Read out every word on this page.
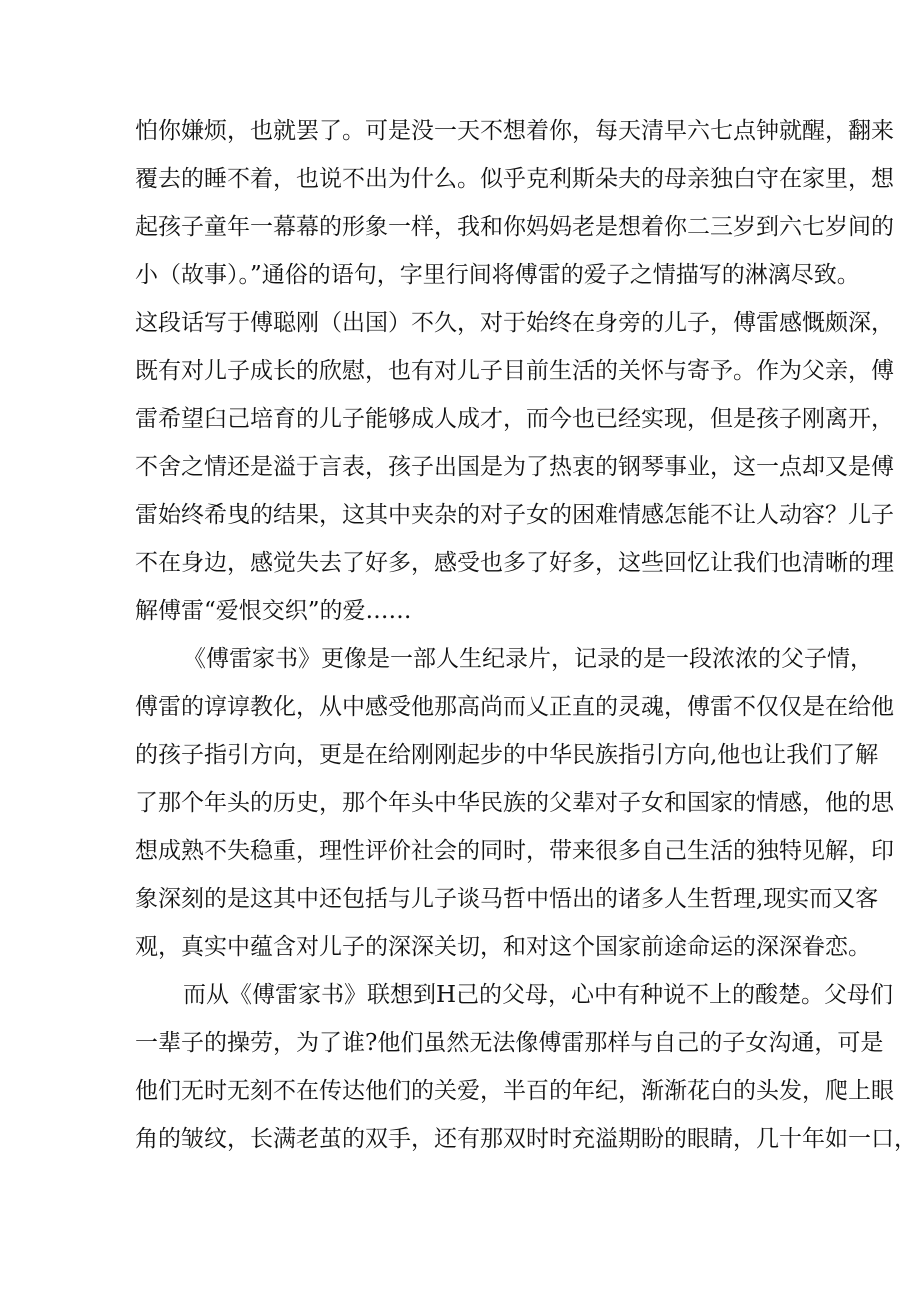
怕你嫌烦，也就罢了。可是没一天不想着你，每天清早六七点钟就醒，翻来
覆去的睡不着，也说不出为什么。似乎克利斯朵夫的母亲独白守在家里，想
起孩子童年一幕幕的形象一样，我和你妈妈老是想着你二三岁到六七岁间的
小（故事）。”通俗的语句，字里行间将傅雷的爱子之情描写的淋漓尽致。
这段话写于傅聪刚（出国）不久，对于始终在身旁的儿子，傅雷感慨颇深，
既有对儿子成长的欣慰，也有对儿子目前生活的关怀与寄予。作为父亲，傅
雷希望臼己培育的儿子能够成人成才，而今也已经实现，但是孩子刚离开，
不舍之情还是溢于言表，孩子出国是为了热衷的钢琴事业，这一点却又是傅
雷始终希曳的结果，这其中夹杂的对子女的困难情感怎能不让人动容？儿子
不在身边，感觉失去了好多，感受也多了好多，这些回忆让我们也清晰的理
解傅雷“爱恨交织”的爱……
《傅雷家书》更像是一部人生纪录片，记录的是一段浓浓的父子情，
傅雷的谆谆教化，从中感受他那高尚而乂正直的灵魂，傅雷不仅仅是在给他
的孩子指引方向，更是在给刚刚起步的中华民族指引方向,他也让我们了解
了那个年头的历史，那个年头中华民族的父辈对子女和国家的情感，他的思
想成熟不失稳重，理性评价社会的同时，带来很多自己生活的独特见解，印
象深刻的是这其中还包括与儿子谈马哲中悟出的诸多人生哲理,现实而又客
观，真实中蕴含对儿子的深深关切，和对这个国家前途命运的深深眷恋。
而从《傅雷家书》联想到H己的父母，心中有种说不上的酸楚。父母们
一辈子的操劳，为了谁?他们虽然无法像傅雷那样与自己的子女沟通，可是
他们无时无刻不在传达他们的关爱，半百的年纪，渐渐花白的头发，爬上眼
角的皱纹，长满老茧的双手，还有那双时时充溢期盼的眼睛，几十年如一口，
